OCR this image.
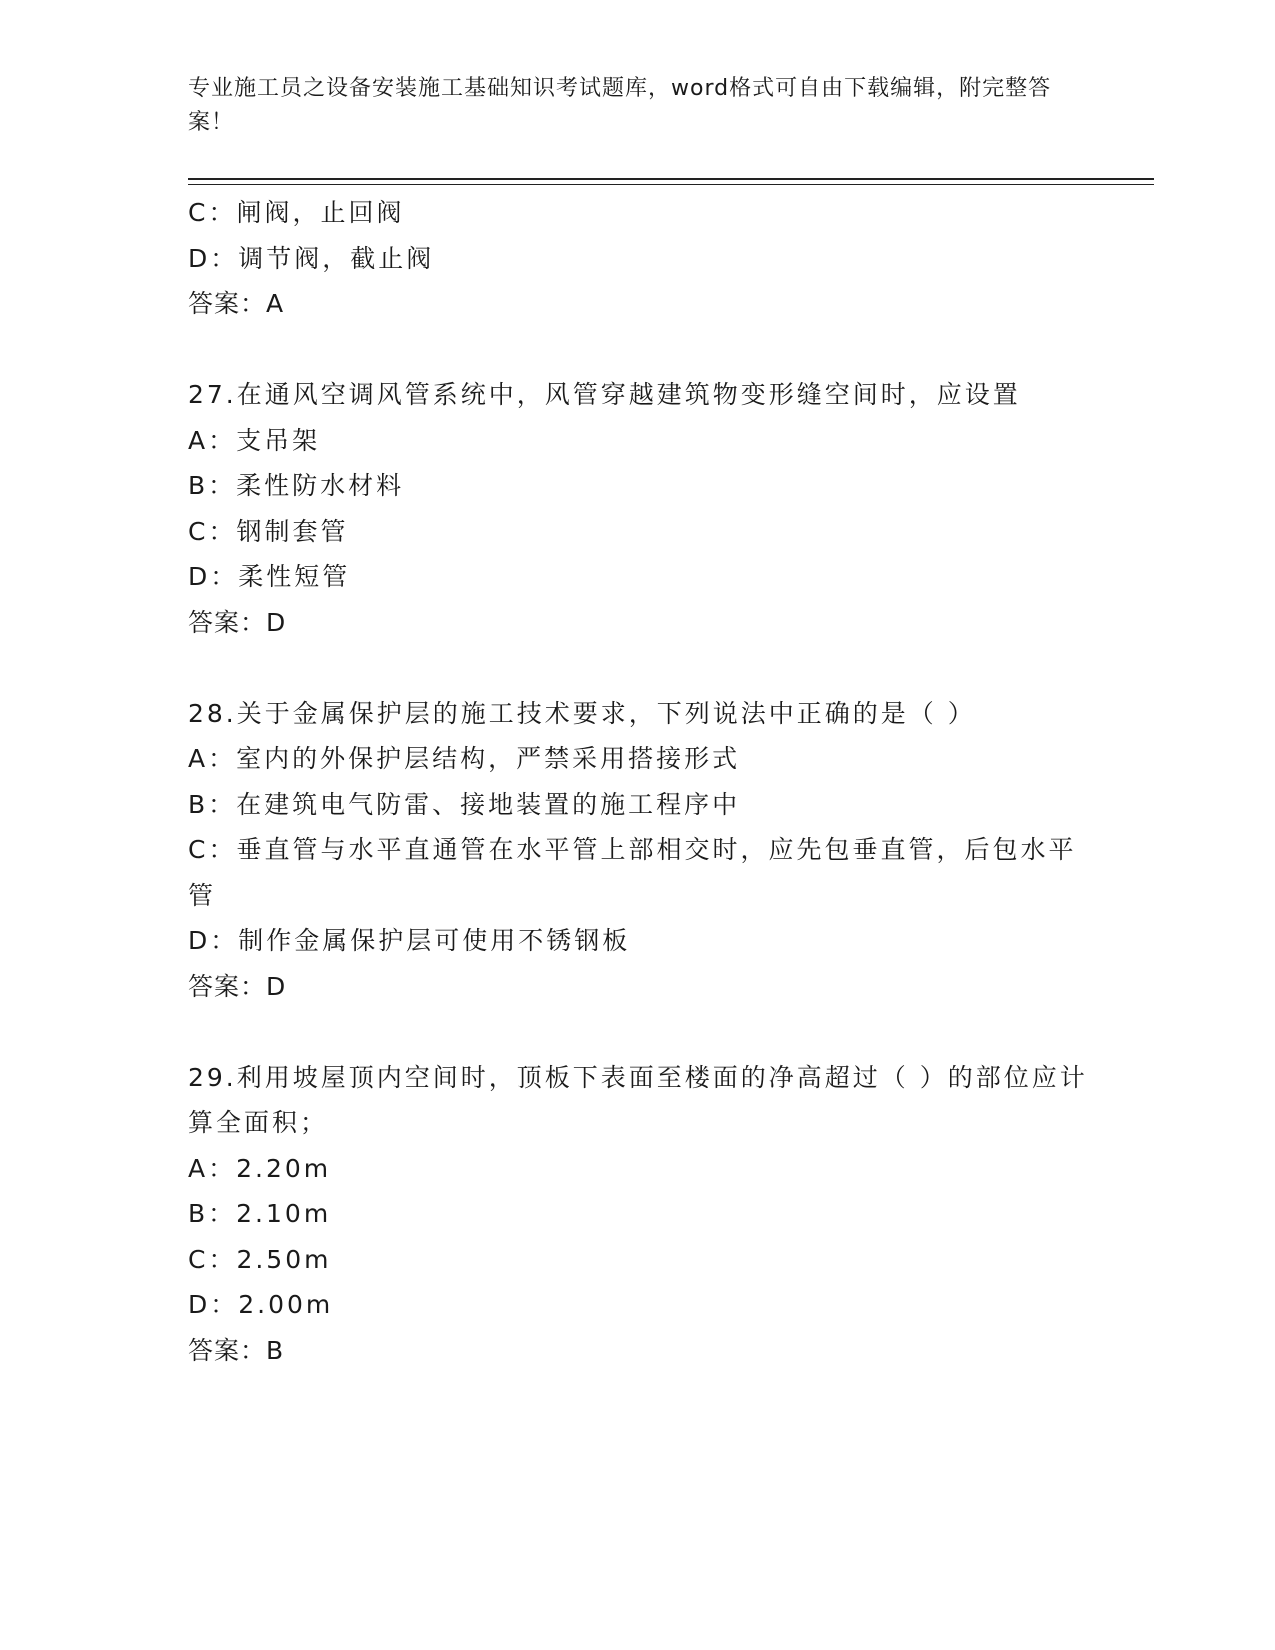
专业施工员之设备安装施工基础知识考试题库，word格式可自由下载编辑，附完整答案！
C：闸阀，止回阀
D：调节阀，截止阀
答案：A
27.在通风空调风管系统中，风管穿越建筑物变形缝空间时，应设置
A：支吊架
B：柔性防水材料
C：钢制套管
D：柔性短管
答案：D
28.关于金属保护层的施工技术要求，下列说法中正确的是（ ）
A：室内的外保护层结构，严禁采用搭接形式
B：在建筑电气防雷、接地装置的施工程序中
C：垂直管与水平直通管在水平管上部相交时，应先包垂直管，后包水平管
D：制作金属保护层可使用不锈钢板
答案：D
29.利用坡屋顶内空间时，顶板下表面至楼面的净高超过（ ）的部位应计算全面积；
A：2.20m
B：2.10m
C：2.50m
D：2.00m
答案：B
